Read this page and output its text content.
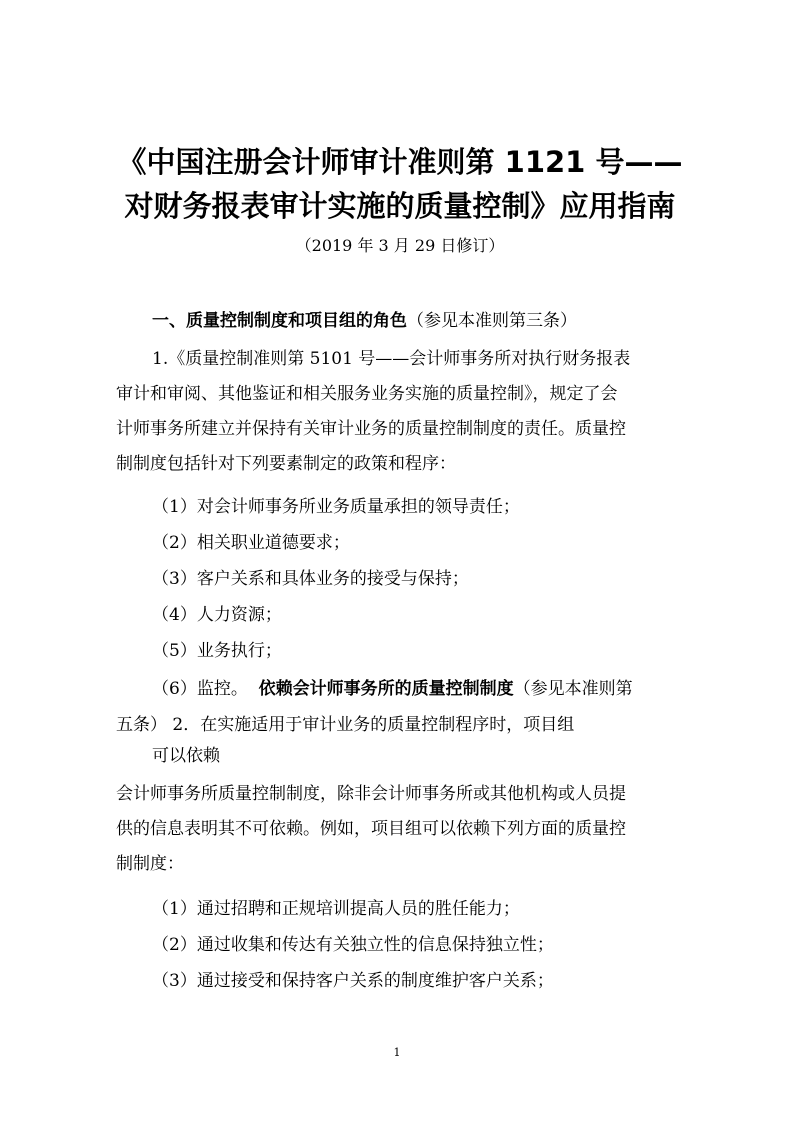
《中国注册会计师审计准则第 1121 号——
对财务报表审计实施的质量控制》应用指南
（2019 年 3 月 29 日修订）
一、质量控制制度和项目组的角色（参见本准则第三条）
1.《质量控制准则第 5101 号——会计师事务所对执行财务报表
审计和审阅、其他鉴证和相关服务业务实施的质量控制》，规定了会
计师事务所建立并保持有关审计业务的质量控制制度的责任。质量控
制制度包括针对下列要素制定的政策和程序：
（1）对会计师事务所业务质量承担的领导责任；
（2）相关职业道德要求；
（3）客户关系和具体业务的接受与保持；
（4）人力资源；
（5）业务执行；
（6）监控。 依赖会计师事务所的质量控制制度（参见本准则第
五条） 2．在实施适用于审计业务的质量控制程序时，项目组
可以依赖
会计师事务所质量控制制度，除非会计师事务所或其他机构或人员提
供的信息表明其不可依赖。例如，项目组可以依赖下列方面的质量控
制制度：
（1）通过招聘和正规培训提高人员的胜任能力；
（2）通过收集和传达有关独立性的信息保持独立性；
（3）通过接受和保持客户关系的制度维护客户关系；
1
